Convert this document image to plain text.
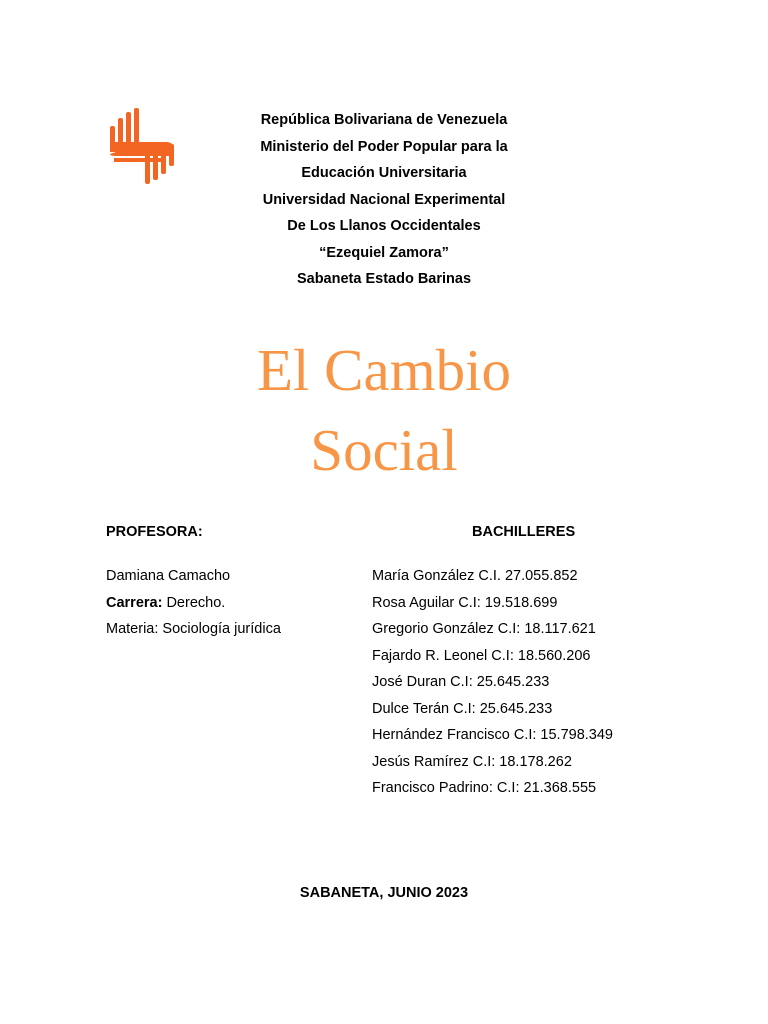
República Bolivariana de Venezuela
Ministerio del Poder Popular para la
Educación Universitaria
Universidad Nacional Experimental
De Los Llanos Occidentales
“Ezequiel Zamora”
Sabaneta Estado Barinas
El Cambio
Social
PROFESORA:	BACHILLERES
Damiana Camacho
Carrera: Derecho.
Materia: Sociología jurídica
María González C.I. 27.055.852
Rosa Aguilar C.I: 19.518.699
Gregorio González C.I: 18.117.621
Fajardo R. Leonel C.I: 18.560.206
José Duran C.I: 25.645.233
Dulce Terán C.I: 25.645.233
Hernández Francisco C.I: 15.798.349
Jesús Ramírez C.I: 18.178.262
Francisco Padrino: C.I: 21.368.555
SABANETA, JUNIO 2023
